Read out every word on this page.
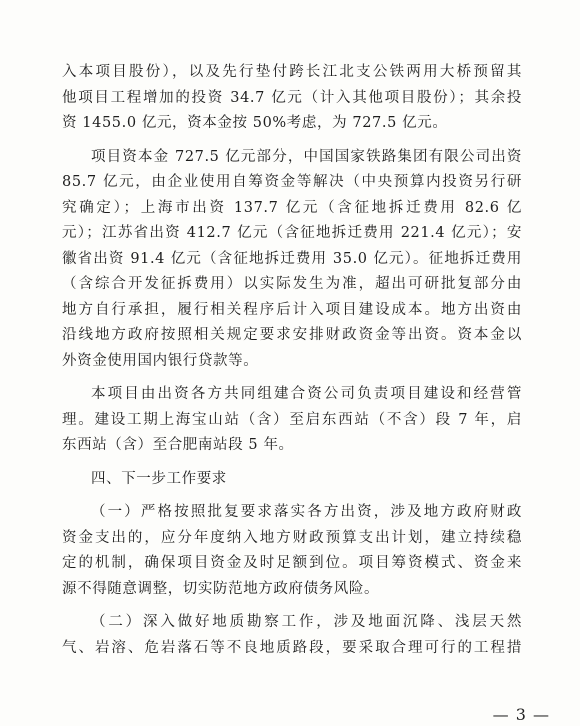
入本项目股份），以及先行垫付跨长江北支公铁两用大桥预留其
他项目工程增加的投资 34.7 亿元（计入其他项目股份）；其余投
资 1455.0 亿元，资本金按 50%考虑，为 727.5 亿元。
项目资本金 727.5 亿元部分，中国国家铁路集团有限公司出资
85.7 亿元，由企业使用自筹资金等解决（中央预算内投资另行研
究确定）；上海市出资 137.7 亿元（含征地拆迁费用 82.6 亿
元）；江苏省出资 412.7 亿元（含征地拆迁费用 221.4 亿元）；安
徽省出资 91.4 亿元（含征地拆迁费用 35.0 亿元）。征地拆迁费用
（含综合开发征拆费用）以实际发生为准，超出可研批复部分由
地方自行承担，履行相关程序后计入项目建设成本。地方出资由
沿线地方政府按照相关规定要求安排财政资金等出资。资本金以
外资金使用国内银行贷款等。
本项目由出资各方共同组建合资公司负责项目建设和经营管
理。建设工期上海宝山站（含）至启东西站（不含）段 7 年，启
东西站（含）至合肥南站段 5 年。
四、下一步工作要求
（一）严格按照批复要求落实各方出资，涉及地方政府财政
资金支出的，应分年度纳入地方财政预算支出计划，建立持续稳
定的机制，确保项目资金及时足额到位。项目筹资模式、资金来
源不得随意调整，切实防范地方政府债务风险。
（二）深入做好地质勘察工作，涉及地面沉降、浅层天然
气、岩溶、危岩落石等不良地质路段，要采取合理可行的工程措
— 3 —
